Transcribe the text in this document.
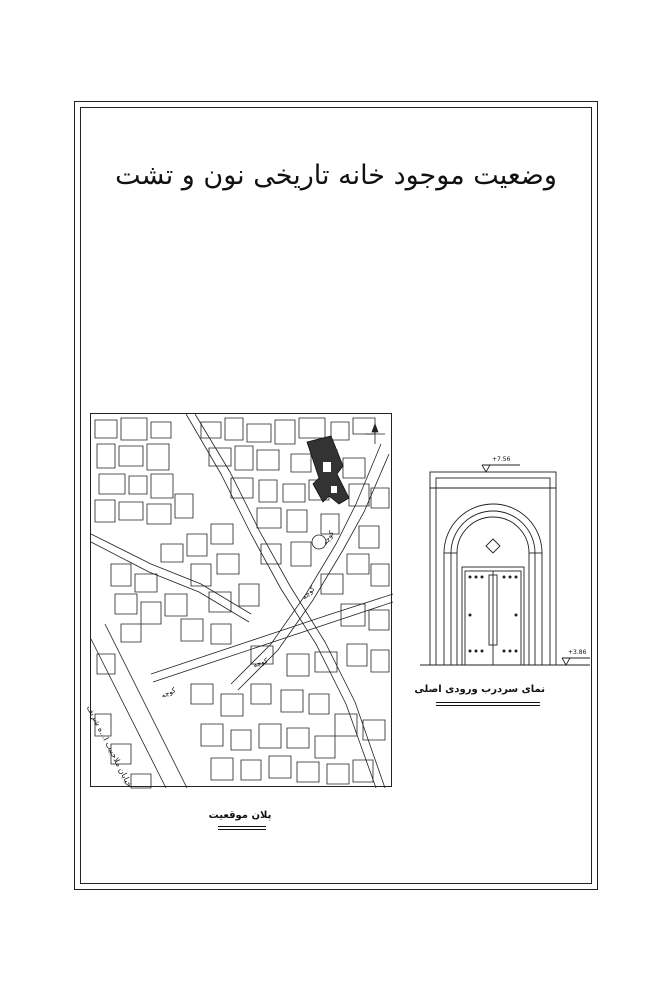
وضعیت موجود خانه تاریخی نون و تشت
خیابان ملاحبیب ا...ه شریف
کوچه
کوچه
کوچه
کوچه
پلان موقعیت
+7.56
+3.86
نمای سردرب ورودی اصلی
